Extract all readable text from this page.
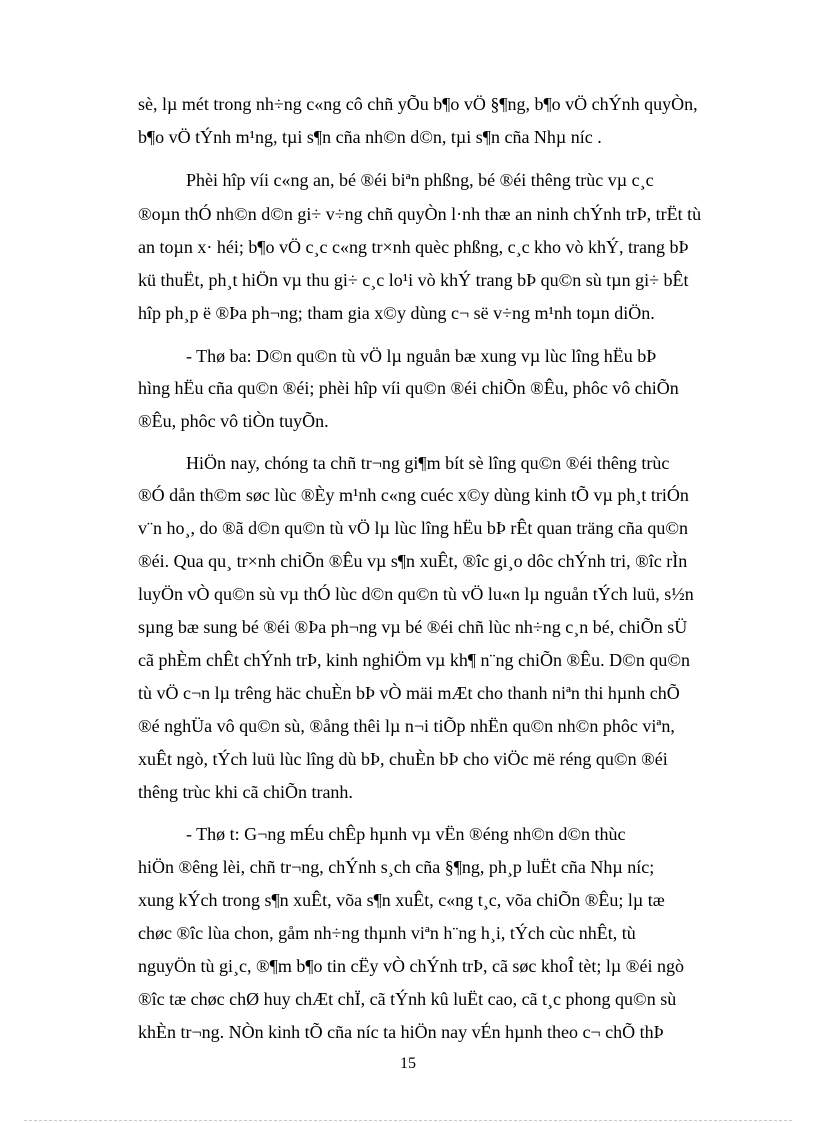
sè, lµ mét trong nh÷ng c«ng cô chñ yÕu b¶o vÖ §¶ng, b¶o vÖ chÝnh quyÒn,
b¶o vÖ tÝnh m¹ng, tµi s¶n cña nh©n d©n, tµi s¶n cña Nhµ níc .
Phèi hîp víi c«ng an, bé ®éi biªn phßng, bé ®éi thêng trùc vµ c¸c
®oµn thÓ nh©n d©n gi÷ v÷ng chñ quyÒn l·nh thæ an ninh chÝnh trÞ, trËt tù
an toµn x· héi; b¶o vÖ c¸c c«ng tr×nh quèc phßng, c¸c kho vò khÝ, trang bÞ
kü thuËt, ph¸t hiÖn vµ thu gi÷ c¸c lo¹i vò khÝ trang bÞ qu©n sù tµn gi÷ bÊt
hîp ph¸p ë ®Þa ph¬ng; tham gia x©y dùng c¬ së v÷ng m¹nh toµn diÖn.
- Thø ba: D©n qu©n tù vÖ lµ nguån bæ xung vµ lùc lîng hËu bÞ
hìng hËu cña qu©n ®éi; phèi hîp víi qu©n ®éi chiÕn ®Êu, phôc vô chiÕn
®Êu, phôc vô tiÒn tuyÕn.
HiÖn nay, chóng ta chñ tr¬ng gi¶m bít sè lîng qu©n ®éi thêng trùc
®Ó dån th©m søc lùc ®Èy m¹nh c«ng cuéc x©y dùng kinh tÕ vµ ph¸t triÓn
v¨n ho¸, do ®ã d©n qu©n tù vÖ lµ lùc lîng hËu bÞ rÊt quan träng cña qu©n
®éi. Qua qu¸ tr×nh chiÕn ®Êu vµ s¶n xuÊt, ®îc gi¸o dôc chÝnh tri, ®îc rÌn
luyÖn vÒ qu©n sù vµ thÓ lùc d©n qu©n tù vÖ lu«n lµ nguån tÝch luü, s½n
sµng bæ sung bé ®éi ®Þa ph¬ng vµ bé ®éi chñ lùc nh÷ng c¸n bé, chiÕn sÜ
cã phÈm chÊt chÝnh trÞ, kinh nghiÖm vµ kh¶ n¨ng chiÕn ®Êu. D©n qu©n
tù vÖ c¬n lµ trêng häc chuÈn bÞ vÒ mäi mÆt cho thanh niªn thi hµnh chÕ
®é nghÜa vô qu©n sù, ®ång thêi lµ n¬i tiÕp nhËn qu©n nh©n phôc viªn,
xuÊt ngò, tÝch luü lùc lîng dù bÞ, chuÈn bÞ cho viÖc më réng qu©n ®éi
thêng trùc khi cã chiÕn tranh.
- Thø t: G¬ng mÉu chÊp hµnh vµ vËn ®éng nh©n d©n thùc
hiÖn ®êng lèi, chñ tr¬ng, chÝnh s¸ch cña §¶ng, ph¸p luËt cña Nhµ níc;
xung kÝch trong s¶n xuÊt, võa s¶n xuÊt, c«ng t¸c, võa chiÕn ®Êu; lµ tæ
chøc ®îc lùa chon, gåm nh÷ng thµnh viªn h¨ng h¸i, tÝch cùc nhÊt, tù
nguyÖn tù gi¸c, ®¶m b¶o tin cËy vÒ chÝnh trÞ, cã søc khoÎ tèt; lµ ®éi ngò
®îc tæ chøc chØ huy chÆt chÏ, cã tÝnh kû luËt cao, cã t¸c phong qu©n sù
khÈn tr¬ng. NÒn kinh tÕ cña níc ta hiÖn nay vÉn hµnh theo c¬ chÕ thÞ
15
